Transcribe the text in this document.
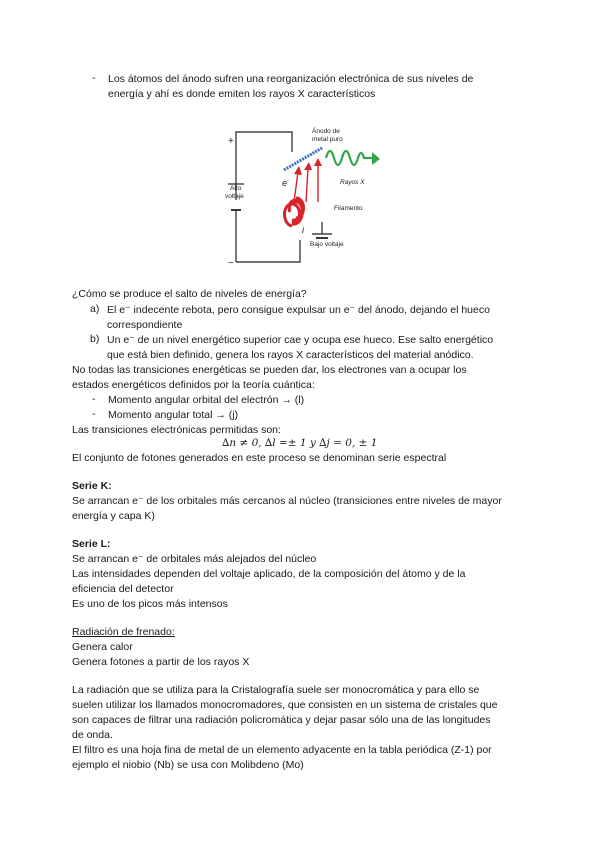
- Los átomos del ánodo sufren una reorganización electrónica de sus niveles de
energía y ahí es donde emiten los rayos X característicos
+
−
Alto
voltaje
Bajo voltaje
Ánodo de
metal puro
Rayos X
e-
Filamento
i
¿Cómo se produce el salto de niveles de energía?
a) El e⁻ indecente rebota, pero consigue expulsar un e⁻ del ánodo, dejando el hueco
correspondiente
b) Un e⁻ de un nivel energético superior cae y ocupa ese hueco. Ese salto energético
que está bien definido, genera los rayos X característicos del material anódico.
No todas las transiciones energéticas se pueden dar, los electrones van a ocupar los
estados energéticos definidos por la teoría cuántica:
- Momento angular orbital del electrón → (l)
- Momento angular total → (j)
Las transiciones electrónicas permitidas son:
∆n ≠ 0, ∆l =± 1 y ∆j = 0, ± 1
El conjunto de fotones generados en este proceso se denominan serie espectral
Serie K:
Se arrancan e⁻ de los orbitales más cercanos al núcleo (transiciones entre niveles de mayor
energía y capa K)
Serie L:
Se arrancan e⁻ de orbitales más alejados del núcleo
Las intensidades dependen del voltaje aplicado, de la composición del átomo y de la
eficiencia del detector
Es uno de los picos más intensos
Radiación de frenado:
Genera calor
Genera fotones a partir de los rayos X
La radiación que se utiliza para la Cristalografía suele ser monocromática y para ello se
suelen utilizar los llamados monocromadores, que consisten en un sistema de cristales que
son capaces de filtrar una radiación policromática y dejar pasar sólo una de las longitudes
de onda.
El filtro es una hoja fina de metal de un elemento adyacente en la tabla periódica (Z-1) por
ejemplo el niobio (Nb) se usa con Molibdeno (Mo)
